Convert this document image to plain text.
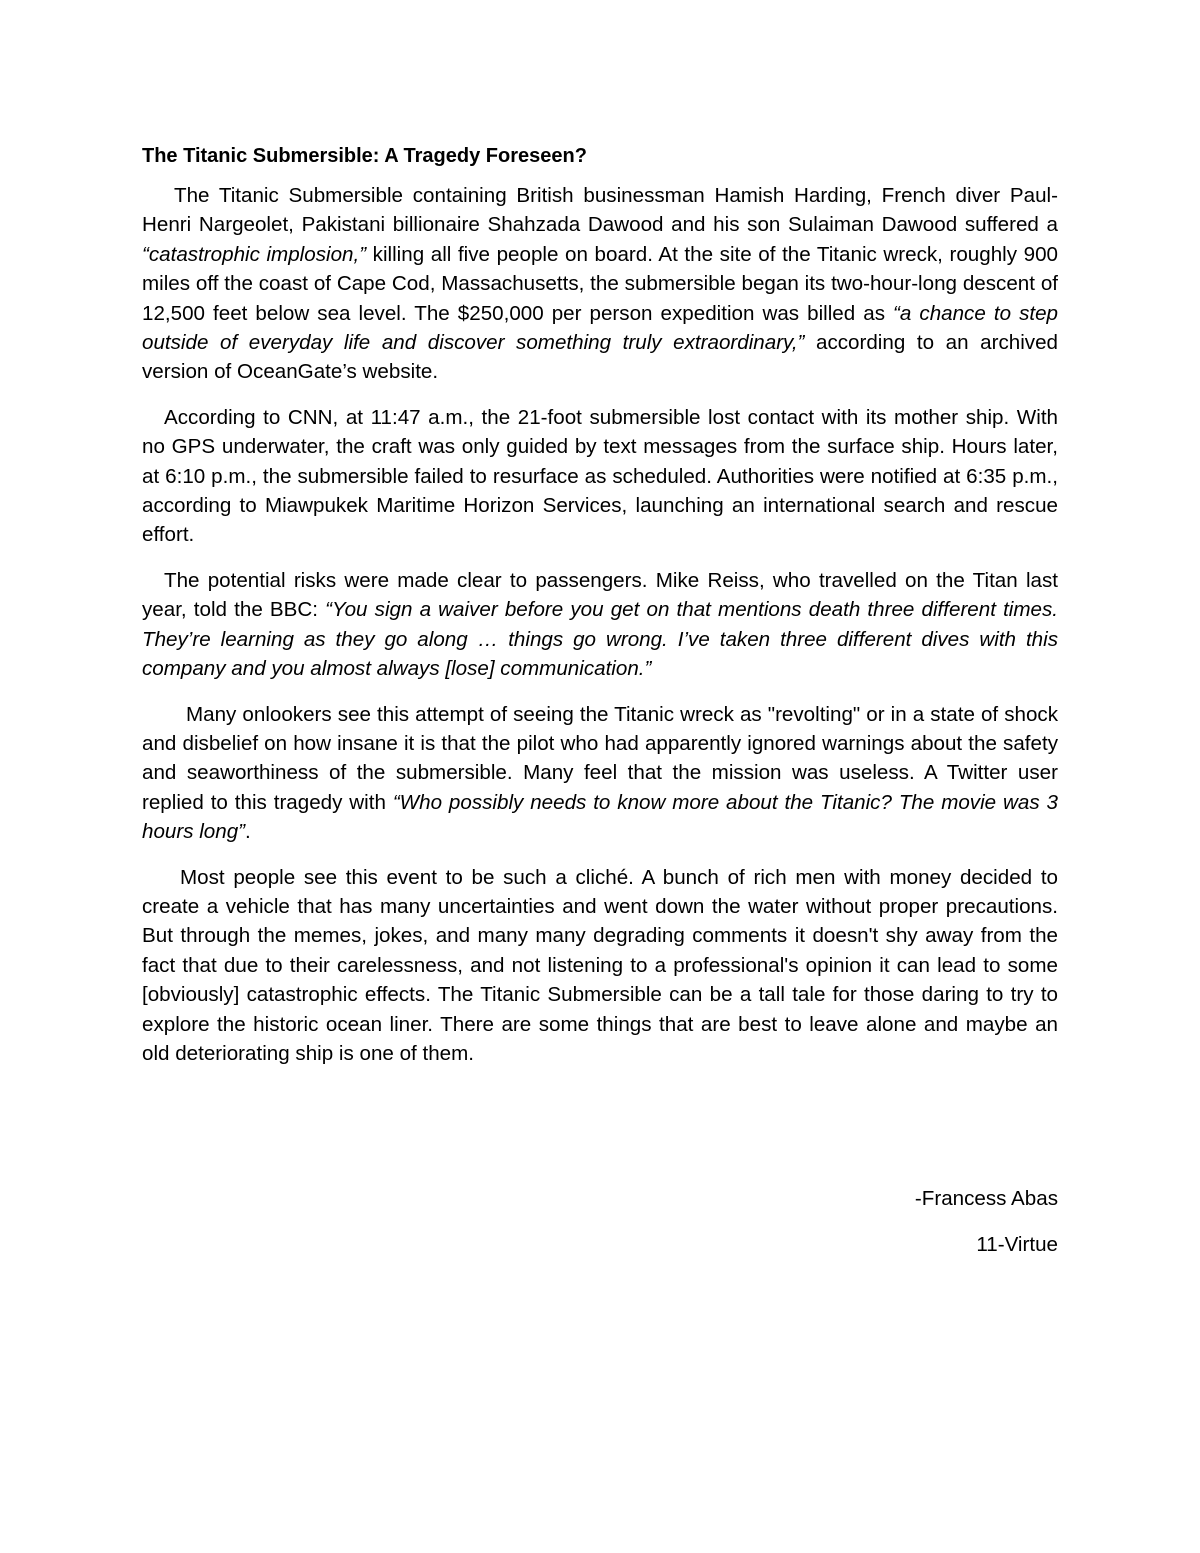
The Titanic Submersible: A Tragedy Foreseen?

The Titanic Submersible containing British businessman Hamish Harding, French diver Paul-Henri Nargeolet, Pakistani billionaire Shahzada Dawood and his son Sulaiman Dawood suffered a “catastrophic implosion,” killing all five people on board. At the site of the Titanic wreck, roughly 900 miles off the coast of Cape Cod, Massachusetts, the submersible began its two-hour-long descent of 12,500 feet below sea level. The $250,000 per person expedition was billed as “a chance to step outside of everyday life and discover something truly extraordinary,” according to an archived version of OceanGate’s website.

According to CNN, at 11:47 a.m., the 21-foot submersible lost contact with its mother ship. With no GPS underwater, the craft was only guided by text messages from the surface ship. Hours later, at 6:10 p.m., the submersible failed to resurface as scheduled. Authorities were notified at 6:35 p.m., according to Miawpukek Maritime Horizon Services, launching an international search and rescue effort.

The potential risks were made clear to passengers. Mike Reiss, who travelled on the Titan last year, told the BBC: “You sign a waiver before you get on that mentions death three different times. They’re learning as they go along … things go wrong. I’ve taken three different dives with this company and you almost always [lose] communication.”

Many onlookers see this attempt of seeing the Titanic wreck as "revolting" or in a state of shock and disbelief on how insane it is that the pilot who had apparently ignored warnings about the safety and seaworthiness of the submersible. Many feel that the mission was useless. A Twitter user replied to this tragedy with “Who possibly needs to know more about the Titanic? The movie was 3 hours long”.

Most people see this event to be such a cliché. A bunch of rich men with money decided to create a vehicle that has many uncertainties and went down the water without proper precautions. But through the memes, jokes, and many many degrading comments it doesn't shy away from the fact that due to their carelessness, and not listening to a professional's opinion it can lead to some [obviously] catastrophic effects. The Titanic Submersible can be a tall tale for those daring to try to explore the historic ocean liner. There are some things that are best to leave alone and maybe an old deteriorating ship is one of them.

-Francess Abas
11-Virtue
